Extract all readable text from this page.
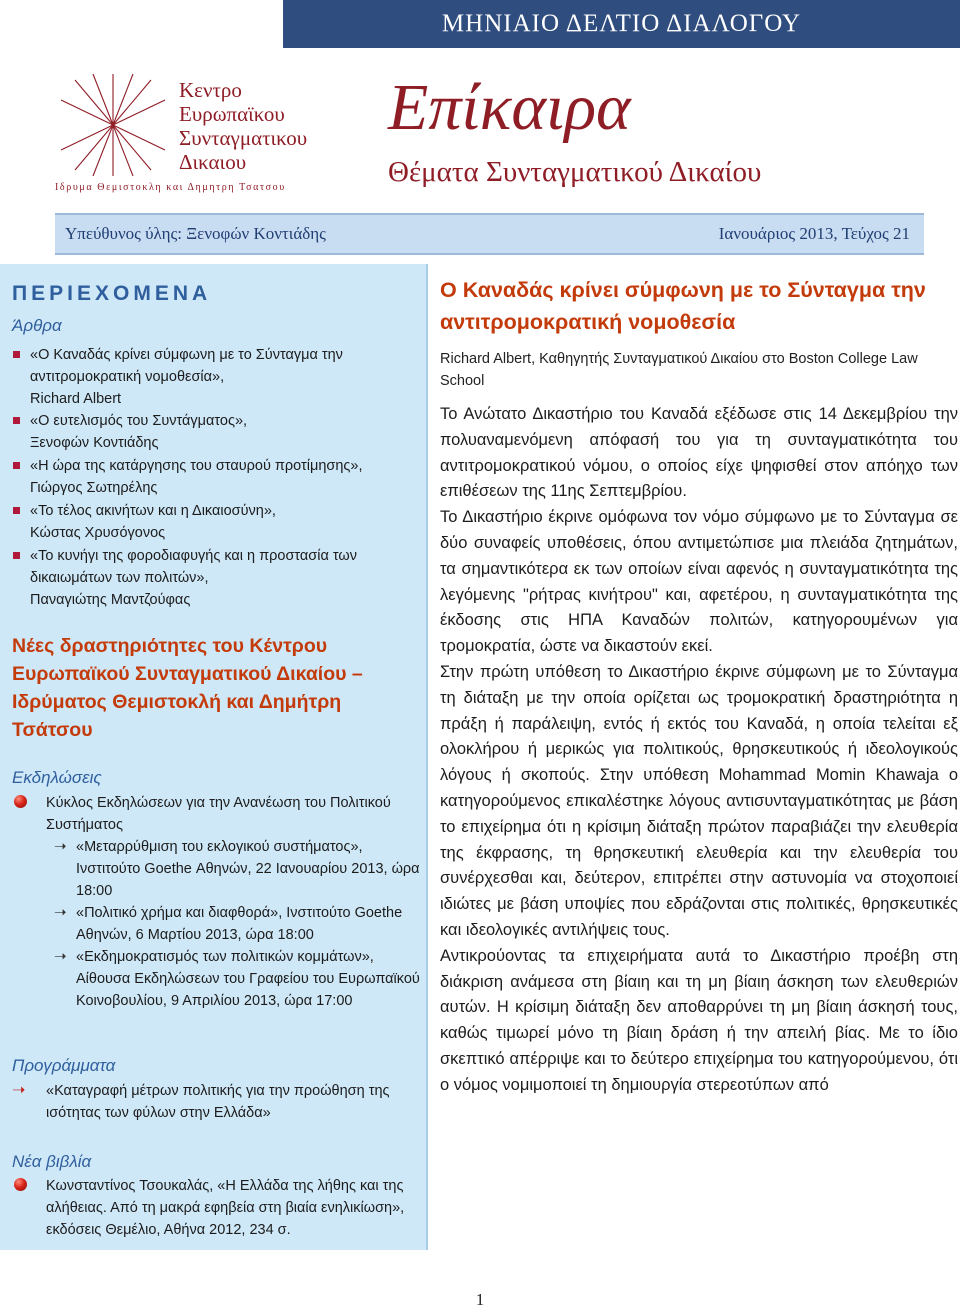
ΜΗΝΙΑΙΟ ΔΕΛΤΙΟ ΔΙΑΛΟΓΟΥ
Κεντρο
Ευρωπαϊκου
Συνταγματικου
Δικαιου
Ιδρυμα Θεμιστοκλη και Δημητρη Τσατσου
Επίκαιρα
Θέματα Συνταγματικού Δικαίου
Υπεύθυνος ύλης: Ξενοφών Κοντιάδης	Ιανουάριος 2013, Τεύχος 21
ΠΕΡΙΕΧΟΜΕΝΑ
Άρθρα
«Ο Καναδάς κρίνει σύμφωνη με το Σύνταγμα την
αντιτρομοκρατική νομοθεσία»,
Richard Albert
«Ο ευτελισμός του Συντάγματος»,
Ξενοφών Κοντιάδης
«Η ώρα της κατάργησης του σταυρού προτίμησης»,
Γιώργος Σωτηρέλης
«Το τέλος ακινήτων και η Δικαιοσύνη»,
Κώστας Χρυσόγονος
«Το κυνήγι της φοροδιαφυγής και η προστασία των
δικαιωμάτων των πολιτών»,
Παναγιώτης Μαντζούφας
Νέες δραστηριότητες του Κέντρου Ευρωπαϊκού Συνταγματικού Δικαίου – Ιδρύματος Θεμιστοκλή και Δημήτρη Τσάτσου
Εκδηλώσεις
Κύκλος Εκδηλώσεων για την Ανανέωση του Πολιτικού Συστήματος
➝ «Μεταρρύθμιση του εκλογικού συστήματος», Ινστιτούτο Goethe Αθηνών, 22 Ιανουαρίου 2013, ώρα 18:00
➝ «Πολιτικό χρήμα και διαφθορά», Ινστιτούτο Goethe Αθηνών, 6 Μαρτίου 2013, ώρα 18:00
➝ «Εκδημοκρατισμός των πολιτικών κομμάτων», Αίθουσα Εκδηλώσεων του Γραφείου του Ευρωπαϊκού Κοινοβουλίου, 9 Απριλίου 2013, ώρα 17:00
Προγράμματα
➝ «Καταγραφή μέτρων πολιτικής για την προώθηση της ισότητας των φύλων στην Ελλάδα»
Νέα βιβλία
Κωνσταντίνος Τσουκαλάς, «Η Ελλάδα της λήθης και της αλήθειας. Από τη μακρά εφηβεία στη βιαία ενηλικίωση», εκδόσεις Θεμέλιο, Αθήνα 2012, 234 σ.
Ο Καναδάς κρίνει σύμφωνη με το Σύνταγμα την αντιτρομοκρατική νομοθεσία
Richard Albert, Καθηγητής Συνταγματικού Δικαίου στο Boston College Law School

Το Ανώτατο Δικαστήριο του Καναδά εξέδωσε στις 14 Δεκεμβρίου την πολυαναμενόμενη απόφασή του για τη συνταγματικότητα του αντιτρομοκρατικού νόμου, ο οποίος είχε ψηφισθεί στον απόηχο των επιθέσεων της 11ης Σεπτεμβρίου.

Το Δικαστήριο έκρινε ομόφωνα τον νόμο σύμφωνο με το Σύνταγμα σε δύο συναφείς υποθέσεις, όπου αντιμετώπισε μια πλειάδα ζητημάτων, τα σημαντικότερα εκ των οποίων είναι αφενός η συνταγματικότητα της λεγόμενης "ρήτρας κινήτρου" και, αφετέρου, η συνταγματικότητα της έκδοσης στις ΗΠΑ Καναδών πολιτών, κατηγορουμένων για τρομοκρατία, ώστε να δικαστούν εκεί.

Στην πρώτη υπόθεση το Δικαστήριο έκρινε σύμφωνη με το Σύνταγμα τη διάταξη με την οποία ορίζεται ως τρομοκρατική δραστηριότητα η πράξη ή παράλειψη, εντός ή εκτός του Καναδά, η οποία τελείται εξ ολοκλήρου ή μερικώς για πολιτικούς, θρησκευτικούς ή ιδεολογικούς λόγους ή σκοπούς. Στην υπόθεση Mohammad Momin Khawaja ο κατηγορούμενος επικαλέστηκε λόγους αντισυνταγματικότητας με βάση το επιχείρημα ότι η κρίσιμη διάταξη πρώτον παραβιάζει την ελευθερία της έκφρασης, τη θρησκευτική ελευθερία και την ελευθερία του συνέρχεσθαι και, δεύτερον, επιτρέπει στην αστυνομία να στοχοποιεί ιδιώτες με βάση υποψίες που εδράζονται στις πολιτικές, θρησκευτικές και ιδεολογικές αντιλήψεις τους.

Αντικρούοντας τα επιχειρήματα αυτά το Δικαστήριο προέβη στη διάκριση ανάμεσα στη βίαιη και τη μη βίαιη άσκηση των ελευθεριών αυτών. Η κρίσιμη διάταξη δεν αποθαρρύνει τη μη βίαιη άσκησή τους, καθώς τιμωρεί μόνο τη βίαιη δράση ή την απειλή βίας. Με το ίδιο σκεπτικό απέρριψε και το δεύτερο επιχείρημα του κατηγορούμενου, ότι ο νόμος νομιμοποιεί τη δημιουργία στερεοτύπων από

1
